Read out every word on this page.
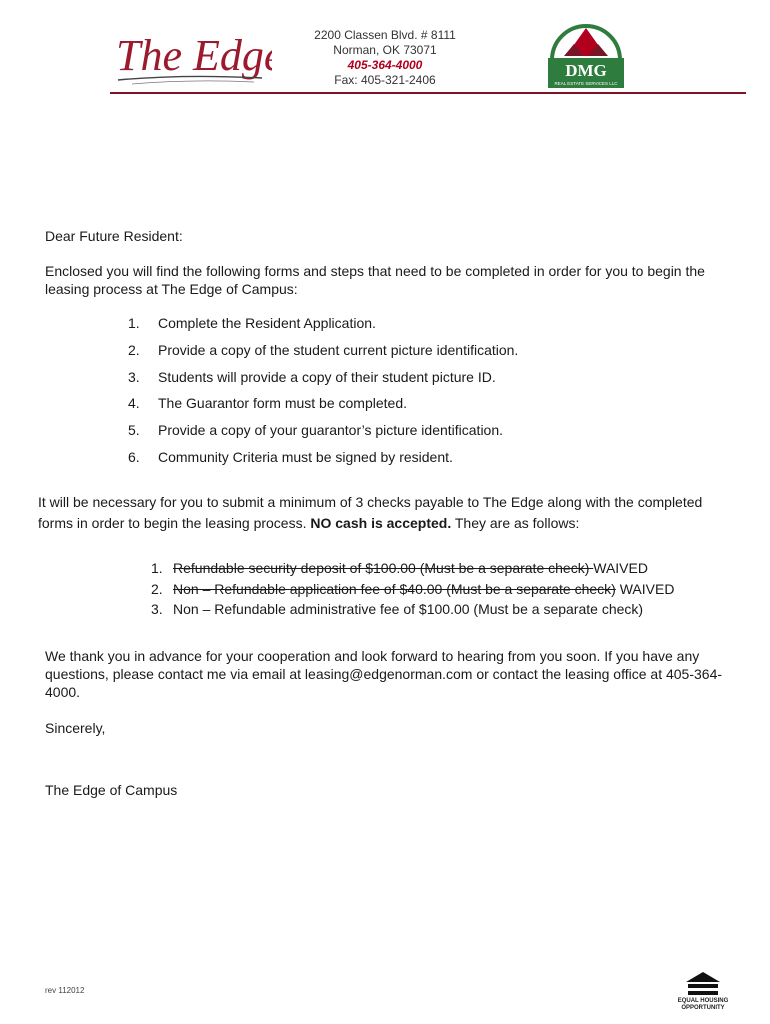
The Edge	2200 Classen Blvd. # 8111
Norman, OK 73071
405-364-4000
Fax: 405-321-2406	DMG
REAL ESTATE SERVICES LLC
Dear Future Resident:
Enclosed you will find the following forms and steps that need to be completed in order for you to begin the leasing process at The Edge of Campus:
1. Complete the Resident Application.
2. Provide a copy of the student current picture identification.
3. Students will provide a copy of their student picture ID.
4. The Guarantor form must be completed.
5. Provide a copy of your guarantor’s picture identification.
6. Community Criteria must be signed by resident.
It will be necessary for you to submit a minimum of 3 checks payable to The Edge along with the completed forms in order to begin the leasing process. NO cash is accepted. They are as follows:
1. Refundable security deposit of $100.00 (Must be a separate check) WAIVED
2. Non – Refundable application fee of $40.00 (Must be a separate check) WAIVED
3. Non – Refundable administrative fee of $100.00 (Must be a separate check)
We thank you in advance for your cooperation and look forward to hearing from you soon. If you have any questions, please contact me via email at leasing@edgenorman.com or contact the leasing office at 405-364-4000.
Sincerely,
The Edge of Campus
rev 112012
EQUAL HOUSING
OPPORTUNITY
